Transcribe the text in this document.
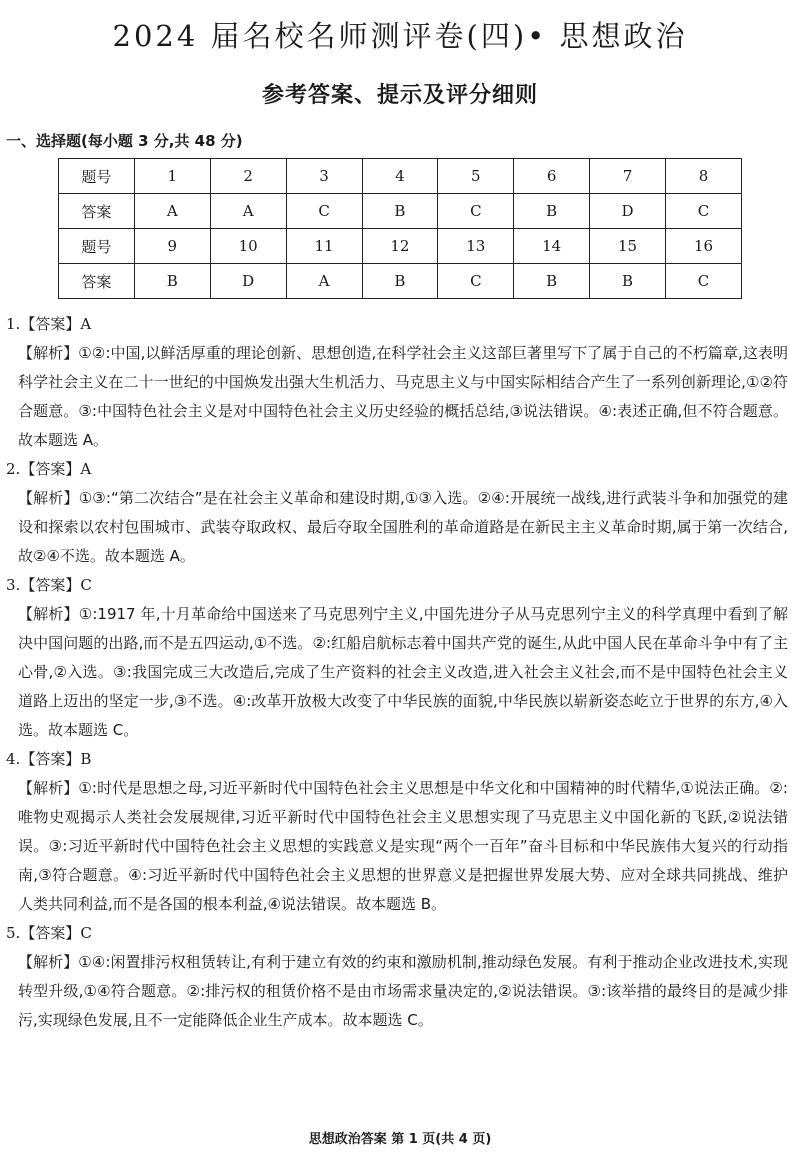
2024 届名校名师测评卷(四)• 思想政治
参考答案、提示及评分细则
一、选择题(每小题 3 分,共 48 分)
题号	1	2	3	4	5	6	7	8
答案	A	A	C	B	C	B	D	C
题号	9	10	11	12	13	14	15	16
答案	B	D	A	B	C	B	B	C
1.【答案】A
【解析】①②:中国,以鲜活厚重的理论创新、思想创造,在科学社会主义这部巨著里写下了属于自己的不朽篇章,这表明科学社会主义在二十一世纪的中国焕发出强大生机活力、马克思主义与中国实际相结合产生了一系列创新理论,①②符合题意。③:中国特色社会主义是对中国特色社会主义历史经验的概括总结,③说法错误。④:表述正确,但不符合题意。故本题选 A。
2.【答案】A
【解析】①③:“第二次结合”是在社会主义革命和建设时期,①③入选。②④:开展统一战线,进行武装斗争和加强党的建设和探索以农村包围城市、武装夺取政权、最后夺取全国胜利的革命道路是在新民主主义革命时期,属于第一次结合,故②④不选。故本题选 A。
3.【答案】C
【解析】①:1917 年,十月革命给中国送来了马克思列宁主义,中国先进分子从马克思列宁主义的科学真理中看到了解决中国问题的出路,而不是五四运动,①不选。②:红船启航标志着中国共产党的诞生,从此中国人民在革命斗争中有了主心骨,②入选。③:我国完成三大改造后,完成了生产资料的社会主义改造,进入社会主义社会,而不是中国特色社会主义道路上迈出的坚定一步,③不选。④:改革开放极大改变了中华民族的面貌,中华民族以崭新姿态屹立于世界的东方,④入选。故本题选 C。
4.【答案】B
【解析】①:时代是思想之母,习近平新时代中国特色社会主义思想是中华文化和中国精神的时代精华,①说法正确。②:唯物史观揭示人类社会发展规律,习近平新时代中国特色社会主义思想实现了马克思主义中国化新的飞跃,②说法错误。③:习近平新时代中国特色社会主义思想的实践意义是实现“两个一百年”奋斗目标和中华民族伟大复兴的行动指南,③符合题意。④:习近平新时代中国特色社会主义思想的世界意义是把握世界发展大势、应对全球共同挑战、维护人类共同利益,而不是各国的根本利益,④说法错误。故本题选 B。
5.【答案】C
【解析】①④:闲置排污权租赁转让,有利于建立有效的约束和激励机制,推动绿色发展。有利于推动企业改进技术,实现转型升级,①④符合题意。②:排污权的租赁价格不是由市场需求量决定的,②说法错误。③:该举措的最终目的是减少排污,实现绿色发展,且不一定能降低企业生产成本。故本题选 C。
思想政治答案 第 1 页(共 4 页)
